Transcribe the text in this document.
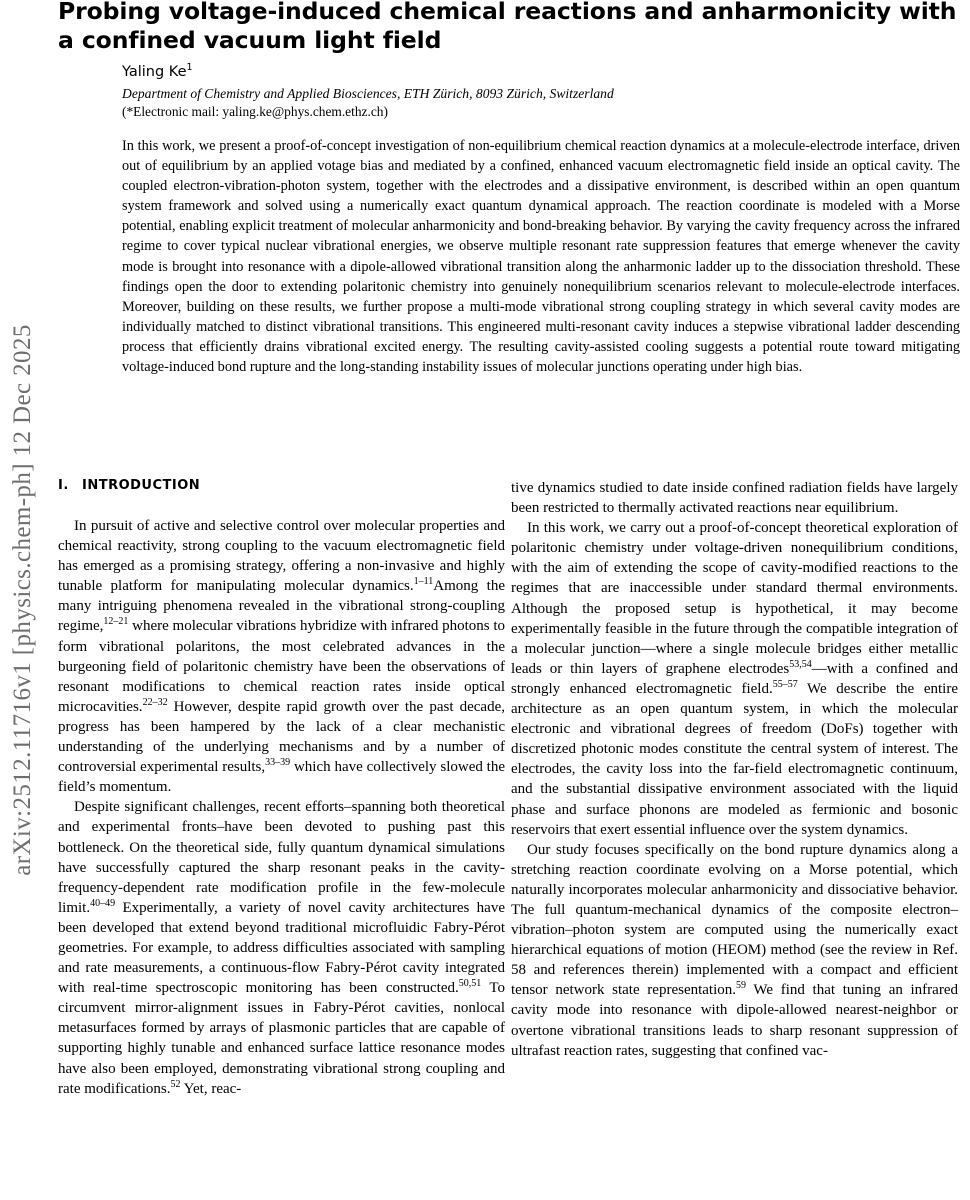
arXiv:2512.11716v1 [physics.chem-ph] 12 Dec 2025
Probing voltage-induced chemical reactions and anharmonicity with a confined vacuum light field

Yaling Ke$^1$

Department of Chemistry and Applied Biosciences, ETH Zürich, 8093 Zürich, Switzerland

(*Electronic mail: yaling.ke@phys.chem.ethz.ch)

In this work, we present a proof-of-concept investigation of non-equilibrium chemical reaction dynamics at a molecule-electrode interface, driven out of equilibrium by an applied votage bias and mediated by a confined, enhanced vacuum electromagnetic field inside an optical cavity. The coupled electron-vibration-photon system, together with the electrodes and a dissipative environment, is described within an open quantum system framework and solved using a numerically exact quantum dynamical approach. The reaction coordinate is modeled with a Morse potential, enabling explicit treatment of molecular anharmonicity and bond-breaking behavior. By varying the cavity frequency across the infrared regime to cover typical nuclear vibrational energies, we observe multiple resonant rate suppression features that emerge whenever the cavity mode is brought into resonance with a dipole-allowed vibrational transition along the anharmonic ladder up to the dissociation threshold. These findings open the door to extending polaritonic chemistry into genuinely nonequilibrium scenarios relevant to molecule-electrode interfaces. Moreover, building on these results, we further propose a multi-mode vibrational strong coupling strategy in which several cavity modes are individually matched to distinct vibrational transitions. This engineered multi-resonant cavity induces a stepwise vibrational ladder descending process that efficiently drains vibrational excited energy. The resulting cavity-assisted cooling suggests a potential route toward mitigating voltage-induced bond rupture and the long-standing instability issues of molecular junctions operating under high bias.

I. INTRODUCTION

In pursuit of active and selective control over molecular properties and chemical reactivity, strong coupling to the vacuum electromagnetic field has emerged as a promising strategy, offering a non-invasive and highly tunable platform for manipulating molecular dynamics.$^{1-11}$Among the many intriguing phenomena revealed in the vibrational strong-coupling regime,$^{12-21}$ where molecular vibrations hybridize with infrared photons to form vibrational polaritons, the most celebrated advances in the burgeoning field of polaritonic chemistry have been the observations of resonant modifications to chemical reaction rates inside optical microcavities.$^{22-32}$ However, despite rapid growth over the past decade, progress has been hampered by the lack of a clear mechanistic understanding of the underlying mechanisms and by a number of controversial experimental results,$^{33-39}$ which have collectively slowed the field’s momentum.

Despite significant challenges, recent efforts–spanning both theoretical and experimental fronts–have been devoted to pushing past this bottleneck. On the theoretical side, fully quantum dynamical simulations have successfully captured the sharp resonant peaks in the cavity-frequency-dependent rate modification profile in the few-molecule limit.$^{40-49}$ Experimentally, a variety of novel cavity architectures have been developed that extend beyond traditional microfluidic Fabry-Pérot geometries. For example, to address difficulties associated with sampling and rate measurements, a continuous-flow Fabry-Pérot cavity integrated with real-time spectroscopic monitoring has been constructed.$^{50,51}$ To circumvent mirror-alignment issues in Fabry-Pérot cavities, nonlocal metasurfaces formed by arrays of plasmonic particles that are capable of supporting highly tunable and enhanced surface lattice resonance modes have also been employed, demonstrating vibrational strong coupling and rate modifications.$^{52}$ Yet, reac-

tive dynamics studied to date inside confined radiation fields have largely been restricted to thermally activated reactions near equilibrium.

In this work, we carry out a proof-of-concept theoretical exploration of polaritonic chemistry under voltage-driven nonequilibrium conditions, with the aim of extending the scope of cavity-modified reactions to the regimes that are inaccessible under standard thermal environments. Although the proposed setup is hypothetical, it may become experimentally feasible in the future through the compatible integration of a molecular junction—where a single molecule bridges either metallic leads or thin layers of graphene electrodes$^{53,54}$—with a confined and strongly enhanced electromagnetic field.$^{55-57}$ We describe the entire architecture as an open quantum system, in which the molecular electronic and vibrational degrees of freedom (DoFs) together with discretized photonic modes constitute the central system of interest. The electrodes, the cavity loss into the far-field electromagnetic continuum, and the substantial dissipative environment associated with the liquid phase and surface phonons are modeled as fermionic and bosonic reservoirs that exert essential influence over the system dynamics.

Our study focuses specifically on the bond rupture dynamics along a stretching reaction coordinate evolving on a Morse potential, which naturally incorporates molecular anharmonicity and dissociative behavior. The full quantum-mechanical dynamics of the composite electron–vibration–photon system are computed using the numerically exact hierarchical equations of motion (HEOM) method (see the review in Ref. 58 and references therein) implemented with a compact and efficient tensor network state representation.$^{59}$ We find that tuning an infrared cavity mode into resonance with dipole-allowed nearest-neighbor or overtone vibrational transitions leads to sharp resonant suppression of ultrafast reaction rates, suggesting that confined vac-
